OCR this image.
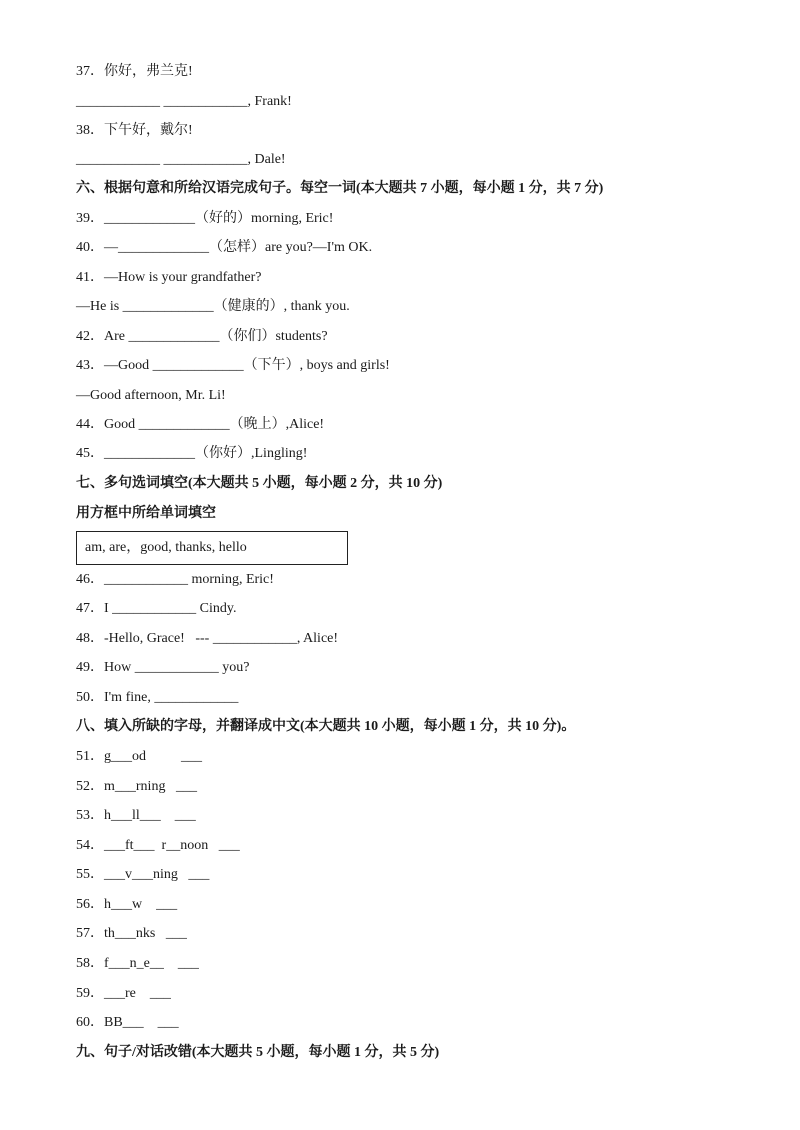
37．你好，弗兰克!
____________ ____________, Frank!
38．下午好，戴尔!
____________ ____________, Dale!
六、根据句意和所给汉语完成句子。每空一词(本大题共 7 小题，每小题 1 分，共 7 分)
39．_____________（好的）morning, Eric!
40．—_____________（怎样）are you?—I'm OK.
41．—How is your grandfather?
—He is _____________（健康的）, thank you.
42．Are _____________（你们）students?
43．—Good _____________（下午）, boys and girls!
—Good afternoon, Mr. Li!
44．Good _____________（晚上）,Alice!
45．_____________（你好）,Lingling!
七、多句选词填空(本大题共 5 小题，每小题 2 分，共 10 分)
用方框中所给单词填空
am, are，good, thanks, hello
46．____________ morning, Eric!
47．I ____________ Cindy.
48．-Hello, Grace!   --- ____________, Alice!
49．How ____________ you?
50．I'm fine, ____________
八、填入所缺的字母，并翻译成中文(本大题共 10 小题，每小题 1 分，共 10 分)。
51．g___od          ___
52．m___rning   ___
53．h___ll___    ___
54．___ft___  r__noon   ___
55．___v___ning   ___
56．h___w    ___
57．th___nks   ___
58．f___n_e__    ___
59．___re    ___
60．BB___    ___
九、句子/对话改错(本大题共 5 小题，每小题 1 分，共 5 分)
